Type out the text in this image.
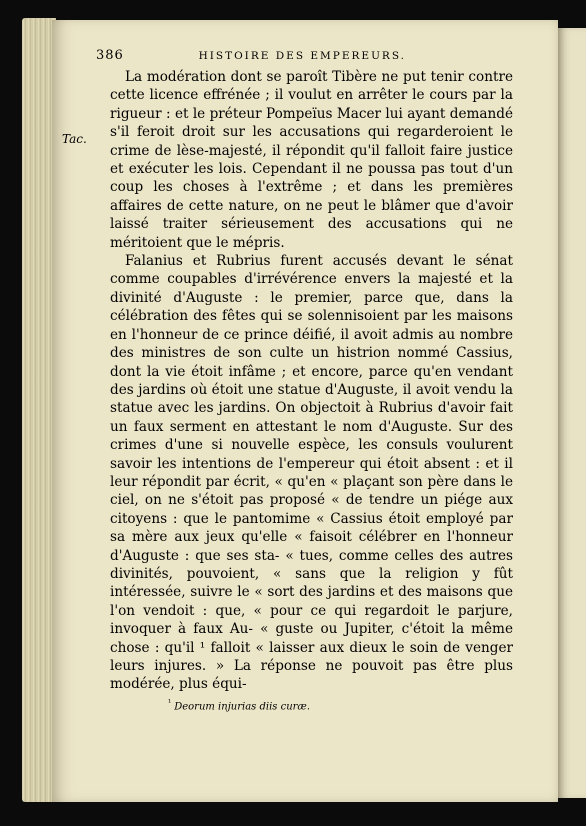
386	HISTOIRE DES EMPEREURS.
Tac.

La modération dont se paroît Tibère ne put tenir contre cette licence effrénée ; il voulut en arrêter le cours par la rigueur : et le préteur Pompeïus Macer lui ayant demandé s'il feroit droit sur les accusations qui regarderoient le crime de lèse-majesté, il répondit qu'il falloit faire justice et exécuter les lois. Cependant il ne poussa pas tout d'un coup les choses à l'extrême ; et dans les premières affaires de cette nature, on ne peut le blâmer que d'avoir laissé traiter sérieusement des accusations qui ne méritoient que le mépris.

Falanius et Rubrius furent accusés devant le sénat comme coupables d'irrévérence envers la majesté et la divinité d'Auguste : le premier, parce que, dans la célébration des fêtes qui se solennisoient par les maisons en l'honneur de ce prince déifié, il avoit admis au nombre des ministres de son culte un histrion nommé Cassius, dont la vie étoit infâme ; et encore, parce qu'en vendant des jardins où étoit une statue d'Auguste, il avoit vendu la statue avec les jardins. On objectoit à Rubrius d'avoir fait un faux serment en attestant le nom d'Auguste. Sur des crimes d'une si nouvelle espèce, les consuls voulurent savoir les intentions de l'empereur qui étoit absent : et il leur répondit par écrit, « qu'en « plaçant son père dans le ciel, on ne s'étoit pas proposé « de tendre un piége aux citoyens : que le pantomime « Cassius étoit employé par sa mère aux jeux qu'elle « faisoit célébrer en l'honneur d'Auguste : que ses sta- « tues, comme celles des autres divinités, pouvoient, « sans que la religion y fût intéressée, suivre le « sort des jardins et des maisons que l'on vendoit : que, « pour ce qui regardoit le parjure, invoquer à faux Au- « guste ou Jupiter, c'étoit la même chose : qu'il ¹ falloit « laisser aux dieux le soin de venger leurs injures. » La réponse ne pouvoit pas être plus modérée, plus équi-

$^{^1}$ Deorum injurias diis curæ.
